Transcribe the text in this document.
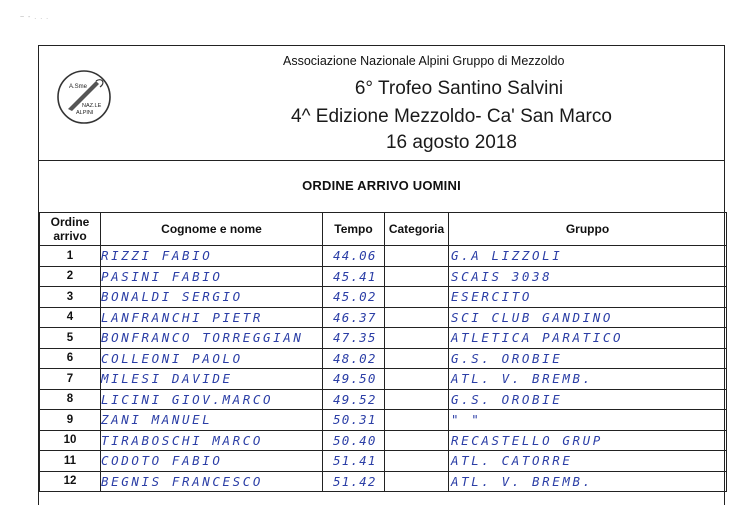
~ - . . .
A.Sme
NAZ.LE
ALPINI
Associazione Nazionale Alpini Gruppo di Mezzoldo
6° Trofeo Santino Salvini
4^ Edizione Mezzoldo- Ca' San Marco
16 agosto 2018
ORDINE ARRIVO UOMINI
Ordine arrivo	Cognome e nome	Tempo	Categoria	Gruppo
1	RIZZI FABIO	44.06		G.A LIZZOLI
2	PASINI FABIO	45.41		SCAIS 3038
3	BONALDI SERGIO	45.02		ESERCITO
4	LANFRANCHI PIETR	46.37		SCI CLUB GANDINO
5	BONFRANCO TORREGGIAN	47.35		ATLETICA PARATICO
6	COLLEONI PAOLO	48.02		G.S. OROBIE
7	MILESI DAVIDE	49.50		ATL. V. BREMB.
8	LICINI GIOV.MARCO	49.52		G.S. OROBIE
9	ZANI MANUEL	50.31		" "
10	TIRABOSCHI MARCO	50.40		RECASTELLO GRUP
11	CODOTO FABIO	51.41		ATL. CATORRE
12	BEGNIS FRANCESCO	51.42		ATL. V. BREMB.
